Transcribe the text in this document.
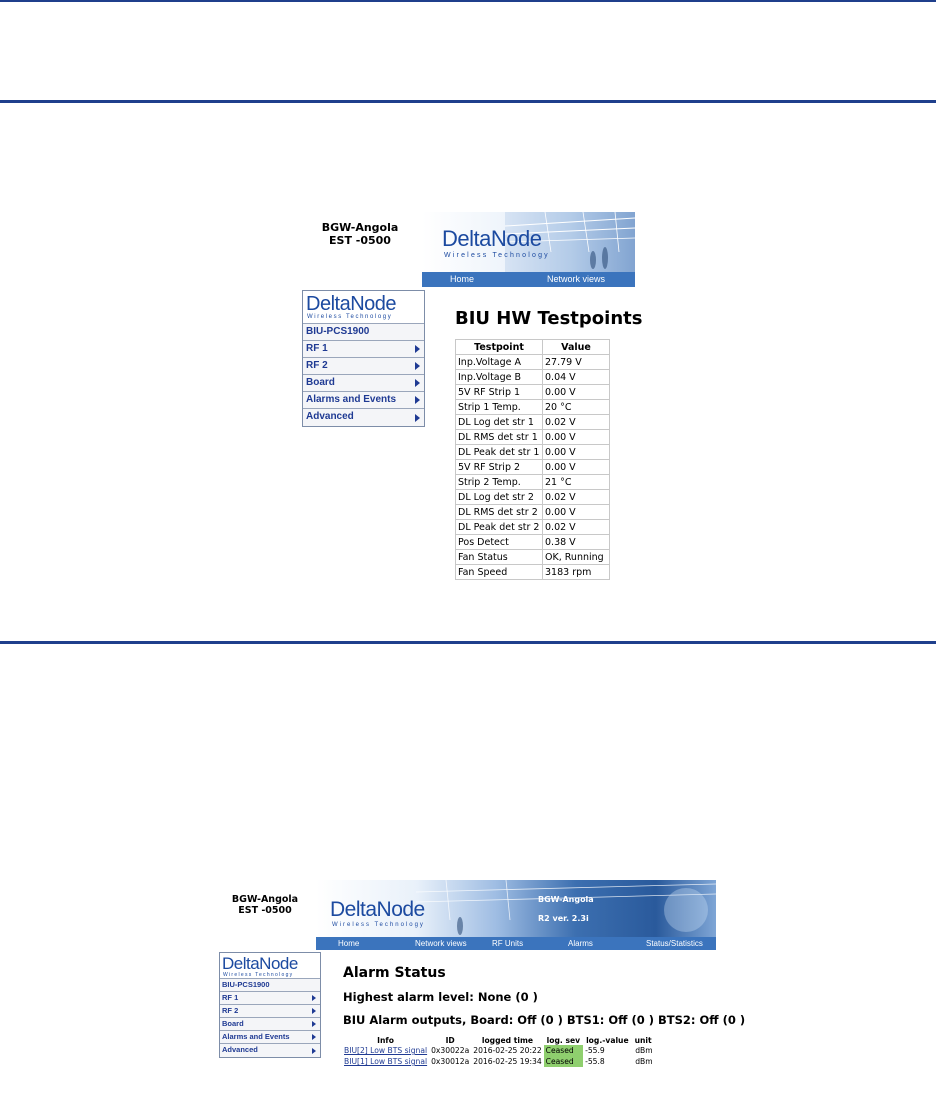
BGW-Angola
EST -0500	DeltaNode
Wireless Technology
Home	Network views
DeltaNode
Wireless Technology
BIU-PCS1900
RF 1
RF 2
Board
Alarms and Events
Advanced
BIU HW Testpoints
Testpoint	Value
Inp.Voltage A	27.79 V
Inp.Voltage B	0.04 V
5V RF Strip 1	0.00 V
Strip 1 Temp.	20 °C
DL Log det str 1	0.02 V
DL RMS det str 1	0.00 V
DL Peak det str 1	0.00 V
5V RF Strip 2	0.00 V
Strip 2 Temp.	21 °C
DL Log det str 2	0.02 V
DL RMS det str 2	0.00 V
DL Peak det str 2	0.02 V
Pos Detect	0.38 V
Fan Status	OK, Running
Fan Speed	3183 rpm
BGW-Angola
EST -0500	DeltaNode
Wireless Technology
BGW-Angola
R2 ver. 2.3i
Home	Network views	RF Units	Alarms	Status/Statistics
DeltaNode
Wireless Technology
BIU-PCS1900
RF 1
RF 2
Board
Alarms and Events
Advanced
Alarm Status
Highest alarm level: None (0 )
BIU Alarm outputs, Board: Off (0 ) BTS1: Off (0 ) BTS2: Off (0 )
Info	ID	logged time	log. sev	log.-value	unit
BIU[2] Low BTS signal	0x30022a	2016-02-25 20:22	Ceased	-55.9	dBm
BIU[1] Low BTS signal	0x30012a	2016-02-25 19:34	Ceased	-55.8	dBm
